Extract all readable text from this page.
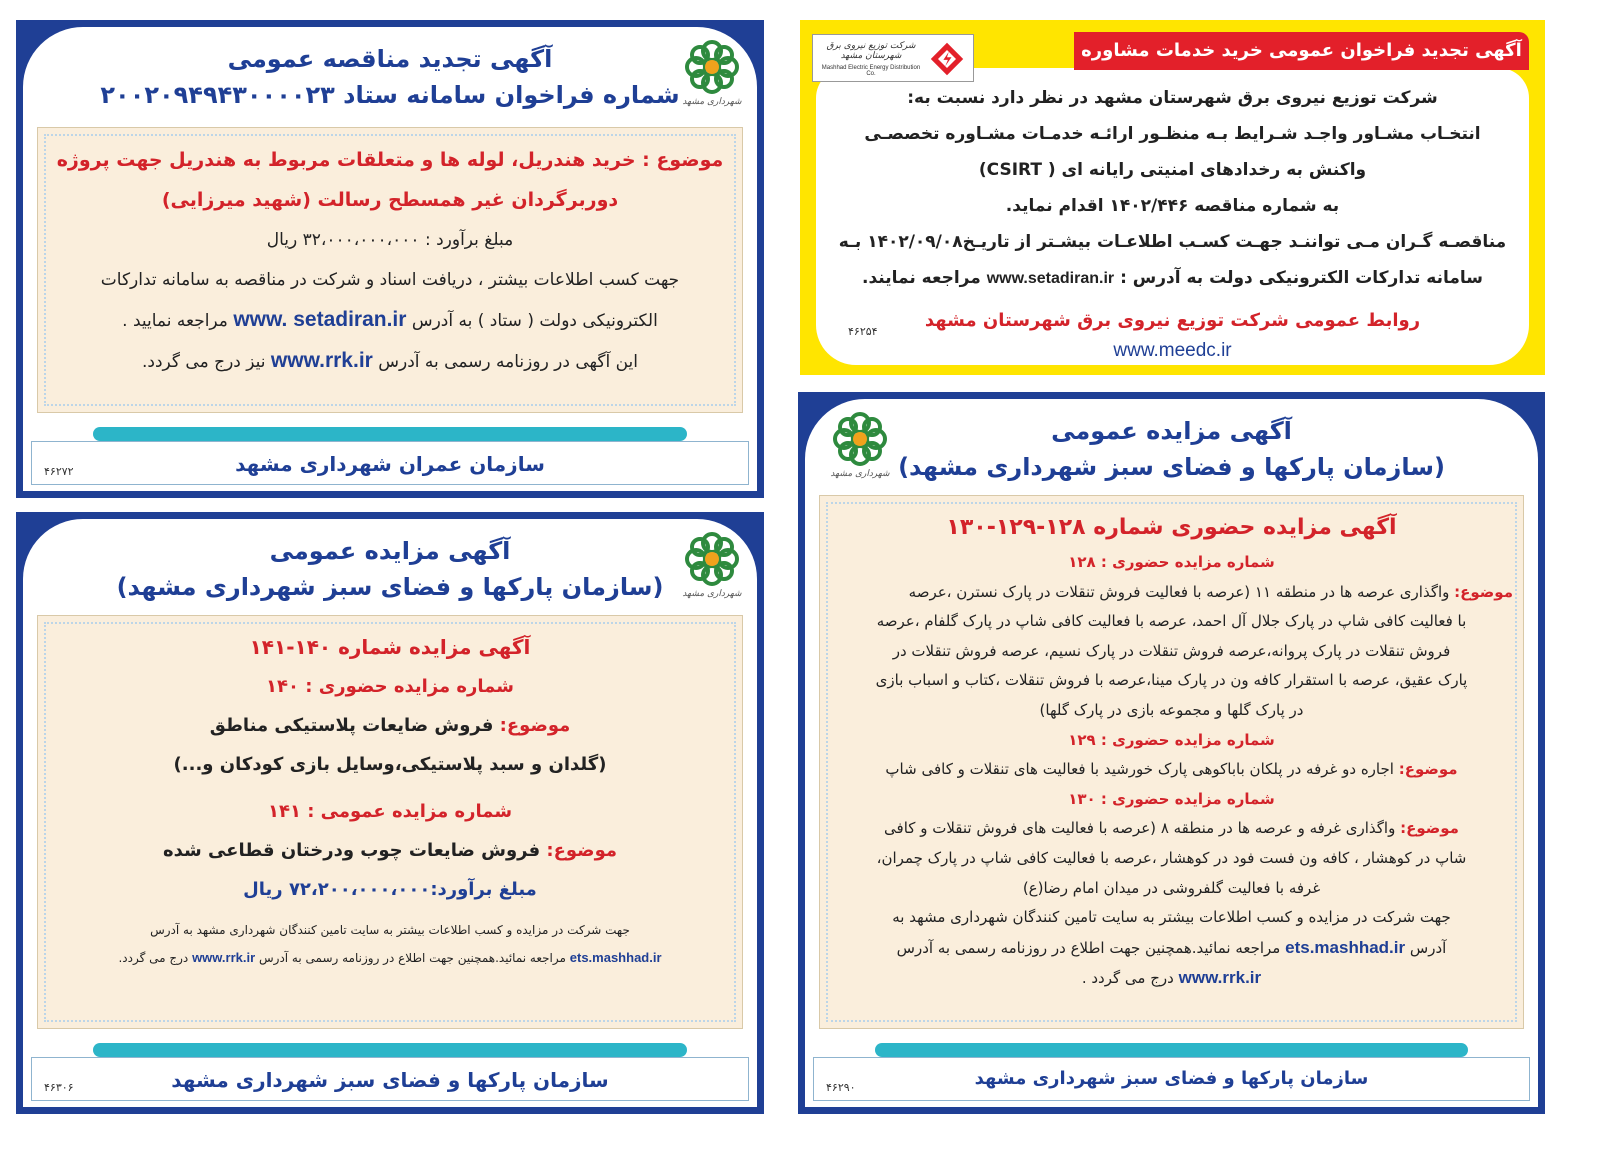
آگهی تجدید مناقصه عمومی
شماره فراخوان سامانه ستاد ۲۰۰۲۰۹۴۹۴۳۰۰۰۰۲۳ شهرداری مشهد
موضوع : خرید هندریل، لوله ها و متعلقات مربوط به هندریل جهت پروژه
دوربرگردان غیر همسطح رسالت (شهید میرزایی)
مبلغ برآورد : ۳۲،۰۰۰،۰۰۰،۰۰۰ ریال
جهت کسب اطلاعات بیشتر ، دریافت اسناد و شرکت در مناقصه به سامانه تدارکات
الکترونیکی دولت ( ستاد ) به آدرس www. setadiran.ir مراجعه نمایید .
این آگهی در روزنامه رسمی به آدرس www.rrk.ir نیز درج می گردد.
سازمان عمران شهرداری مشهد
۴۶۲۷۲
آگهی تجدید فراخوان عمومی خرید خدمات مشاوره
شرکت توزیع نیروی برق شهرستان مشهد
Mashhad Electric Energy Distribution Co.
شرکت توزیع نیروی برق شهرستان مشهد در نظر دارد نسبت به:
انتخـاب مشـاور واجـد شـرایط بـه منظـور ارائـه خدمـات مشـاوره تخصصـی
واکنش به رخدادهای امنیتی رایانه ای ( CSIRT)
به شماره مناقصه ۱۴۰۲/۴۴۶ اقدام نماید.
مناقصـه گـران مـی تواننـد جهـت کسـب اطلاعـات بیشـتر از تاریـخ۱۴۰۲/۰۹/۰۸ بـه
سامانه تدارکات الکترونیکی دولت به آدرس : www.setadiran.ir مراجعه نمایند.
روابط عمومی شرکت توزیع نیروی برق شهرستان مشهد
۴۶۲۵۴
www.meedc.ir
آگهی مزایده عمومی
(سازمان پارکها و فضای سبز شهرداری مشهد)	شهرداری مشهد
آگهی مزایده شماره ۱۴۰-۱۴۱
شماره مزایده حضوری : ۱۴۰
موضوع: فروش ضایعات پلاستیکی مناطق
(گلدان و سبد پلاستیکی،وسایل بازی کودکان و...)
شماره مزایده عمومی : ۱۴۱
موضوع: فروش ضایعات چوب ودرختان قطاعی شده
مبلغ برآورد:۷۲،۲۰۰،۰۰۰،۰۰۰ ریال
جهت شرکت در مزایده و کسب اطلاعات بیشتر به سایت تامین کنندگان شهرداری مشهد به آدرس
ets.mashhad.ir مراجعه نمائید.همچنین جهت اطلاع در روزنامه رسمی به آدرس www.rrk.ir درج می گردد.
سازمان پارکها و فضای سبز شهرداری مشهد
۴۶۳۰۶
آگهی مزایده عمومی
(سازمان پارکها و فضای سبز شهرداری مشهد)
شهرداری مشهد
آگهی مزایده حضوری شماره ۱۲۸-۱۲۹-۱۳۰
شماره مزایده حضوری : ۱۲۸
موضوع: واگذاری عرصه ها در منطقه ۱۱ (عرصه با فعالیت فروش تنقلات در پارک نسترن ،عرصه
با فعالیت کافی شاپ در پارک جلال آل احمد، عرصه با فعالیت کافی شاپ در پارک گلفام ،عرصه
فروش تنقلات در پارک پروانه،عرصه فروش تنقلات در پارک نسیم، عرصه فروش تنقلات در
پارک عقیق، عرصه با استقرار کافه ون در پارک مینا،عرصه با فروش تنقلات ،کتاب و اسباب بازی
در پارک گلها و مجموعه بازی در پارک گلها)
شماره مزایده حضوری : ۱۲۹
موضوع: اجاره دو غرفه در پلکان باباکوهی پارک خورشید با فعالیت های تنقلات و کافی شاپ
شماره مزایده حضوری : ۱۳۰
موضوع: واگذاری غرفه و عرصه ها در منطقه ۸ (عرصه با فعالیت های فروش تنقلات و کافی
شاپ در کوهشار ، کافه ون فست فود در کوهشار ،عرصه با فعالیت کافی شاپ در پارک چمران،
غرفه با فعالیت گلفروشی در میدان امام رضا(ع)
جهت شرکت در مزایده و کسب اطلاعات بیشتر به سایت تامین کنندگان شهرداری مشهد به
آدرس ets.mashhad.ir مراجعه نمائید.همچنین جهت اطلاع در روزنامه رسمی به آدرس
www.rrk.ir درج می گردد .
سازمان پارکها و فضای سبز شهرداری مشهد
۴۶۲۹۰
